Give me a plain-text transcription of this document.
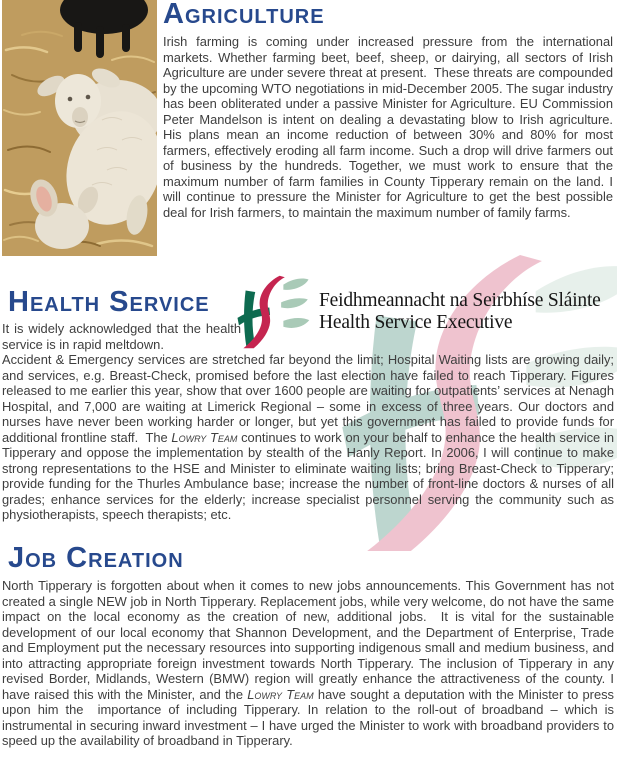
Agriculture

Irish farming is coming under increased pressure from the international markets. Whether farming beet, beef, sheep, or dairying, all sectors of Irish Agriculture are under severe threat at present.  These threats are compounded by the upcoming WTO negotiations in mid-December 2005. The sugar industry has been obliterated under a passive Minister for Agriculture. EU Commission Peter Mandelson is intent on dealing a devastating blow to Irish agriculture. His plans mean an income reduction of between 30% and 80% for most farmers, effectively eroding all farm income. Such a drop will drive farmers out of business by the hundreds. Together, we must work to ensure that the maximum number of farm families in County Tipperary remain on the land. I will continue to pressure the Minister for Agriculture to get the best possible deal for Irish farmers, to maintain the maximum number of family farms.

Health Service

It is widely acknowledged that the health service is in rapid meltdown.

Feidhmeannacht na Seirbhíse Sláinte
Health Service Executive

Accident & Emergency services are stretched far beyond the limit; Hospital Waiting lists are growing daily; and services, e.g. Breast-Check, promised before the last election have failed to reach Tipperary. Figures released to me earlier this year, show that over 1600 people are waiting for outpatients’ services at Nenagh Hospital, and 7,000 are waiting at Limerick Regional – some in excess of three years. Our doctors and nurses have never been working harder or longer, but yet this government has failed to provide funds for additional frontline staff.  The Lowry Team continues to work on your behalf to enhance the health service in Tipperary and oppose the implementation by stealth of the Hanly Report. In 2006, I will continue to make strong representations to the HSE and Minister to eliminate waiting lists; bring Breast-Check to Tipperary; provide funding for the Thurles Ambulance base; increase the number of front-line doctors & nurses of all grades; enhance services for the elderly; increase specialist personnel serving the community such as physiotherapists, speech therapists; etc.

Job Creation

North Tipperary is forgotten about when it comes to new jobs announcements. This Government has not created a single NEW job in North Tipperary. Replacement jobs, while very welcome, do not have the same impact on the local economy as the creation of new, additional jobs.  It is vital for the sustainable development of our local economy that Shannon Development, and the Department of Enterprise, Trade and Employment put the necessary resources into supporting indigenous small and medium business, and into attracting appropriate foreign investment towards North Tipperary. The inclusion of Tipperary in any revised Border, Midlands, Western (BMW) region will greatly enhance the attractiveness of the county. I have raised this with the Minister, and the Lowry Team have sought a deputation with the Minister to press upon him the  importance of including Tipperary. In relation to the roll-out of broadband – which is instrumental in securing inward investment – I have urged the Minister to work with broadband providers to speed up the availability of broadband in Tipperary.
